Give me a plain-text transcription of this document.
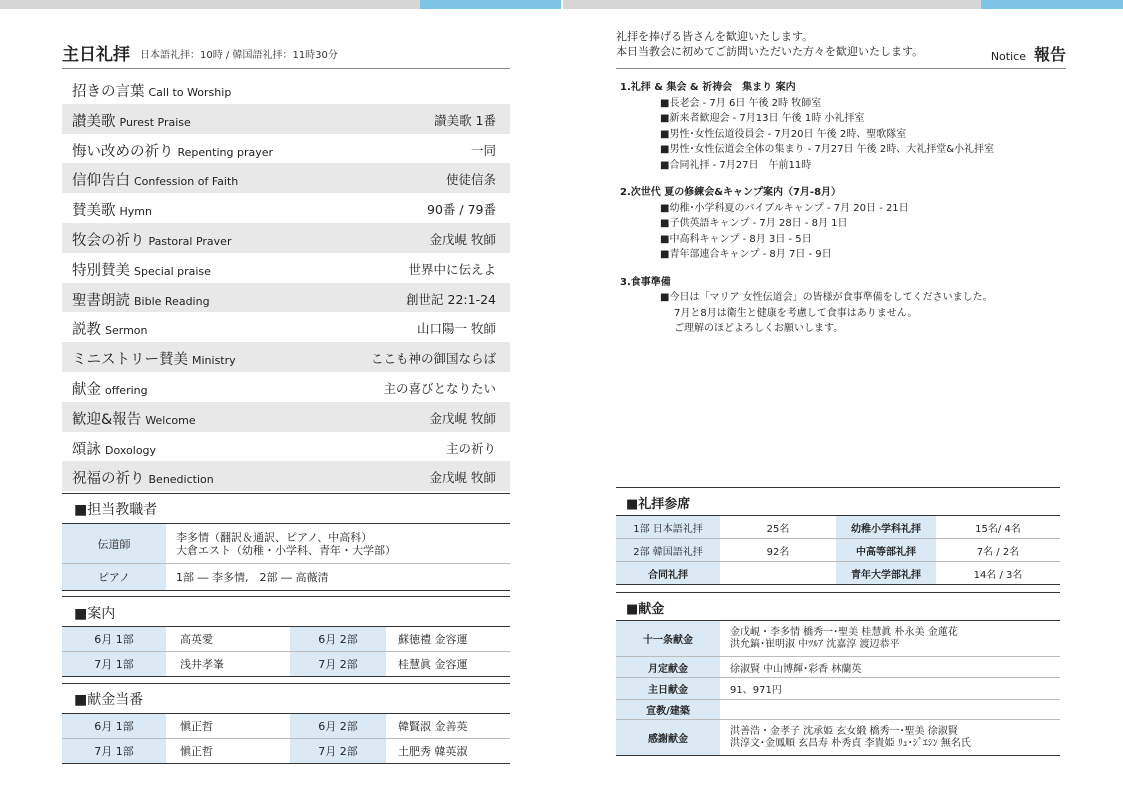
主日礼拝 日本語礼拝：10時 / 韓国語礼拝：11時30分
招きの言葉 Call to Worship
讃美歌 Purest Praise	讃美歌 1番
悔い改めの祈り Repenting prayer	一同
信仰告白 Confession of Faith	使徒信条
賛美歌 Hymn	90番 / 79番
牧会の祈り Pastoral Praver	金戊峴 牧師
特別賛美 Special praise	世界中に伝えよ
聖書朗読 Bible Reading	創世記 22:1-24
説教 Sermon	山口陽一 牧師
ミニストリー賛美 Ministry	ここも神の御国ならば
献金 offering	主の喜びとなりたい
歓迎&報告 Welcome	金戊峴 牧師
頌詠 Doxology	主の祈り
祝福の祈り Benediction	金戊峴 牧師
■担当教職者
伝道師	李多情（翻訳＆通訳、ピアノ、中高科）
大倉エスト（幼稚・小学科、青年・大学部）

ピアノ	1部 ― 李多情,　2部 ― 高薇清
■案内
6月 1部	高英愛	6月 2部	蘇徳禮 金容運
7月 1部	浅井孝峯	7月 2部	桂慧眞 金容運
■献金当番
6月 1部	愼正哲	6月 2部	韓賢淑 金善英
7月 1部	愼正哲	7月 2部	土肥秀 韓英淑
礼拝を捧げる皆さんを歓迎いたします。
本日当教会に初めてご訪問いただいた方々を歓迎いたします。	Notice 報告
1.礼拝 & 集会 & 祈祷会　集まり 案内
■長老会 - 7月 6日 午後 2時 牧師室
■新来者歓迎会 - 7月13日 午後 1時 小礼拝室
■男性･女性伝道役員会 - 7月20日 午後 2時、聖歌隊室
■男性･女性伝道会全体の集まり - 7月27日 午後 2時、大礼拝堂&小礼拝室
■合同礼拝 - 7月27日　午前11時
2.次世代 夏の修練会&キャンプ案内（7月-8月）
■幼稚･小学科夏のバイブルキャンプ - 7月 20日 - 21日
■子供英語キャンプ - 7月 28日 - 8月 1日
■中高科キャンプ - 8月 3日 - 5日
■青年部連合キャンプ - 8月 7日 - 9日
3.食事準備
■今日は「マリア 女性伝道会」の皆様が食事準備をしてくださいました。
7月と8月は衛生と健康を考慮して食事はありません。
ご理解のほどよろしくお願いします。
■礼拝参席
1部 日本語礼拝	25名	幼稚小学科礼拝	15名/ 4名
2部 韓国語礼拝	92名	中高等部礼拝	7名 / 2名
合同礼拝		青年大学部礼拝	14名 / 3名
■献金
十一条献金	金戊峴・李多情 橋秀一･聖美 桂慧眞 朴永美 金蓮花
洪允鎬･崔明淑 中ﾂﾙｱ 沈嘉淳 渡辺恭平

月定献金	徐淑賢 中山博輝･彩香 林蘭英
主日献金	91、971円
宣教/建築	
感謝献金	洪善浩・金孝子 沈承姫 玄女緞 橋秀一･聖美 徐淑賢
洪淳文･金鳳順 玄昌寿 朴秀貞 李貴姫 ﾘｭ･ｼﾞｴｼﾝ 無名氏
